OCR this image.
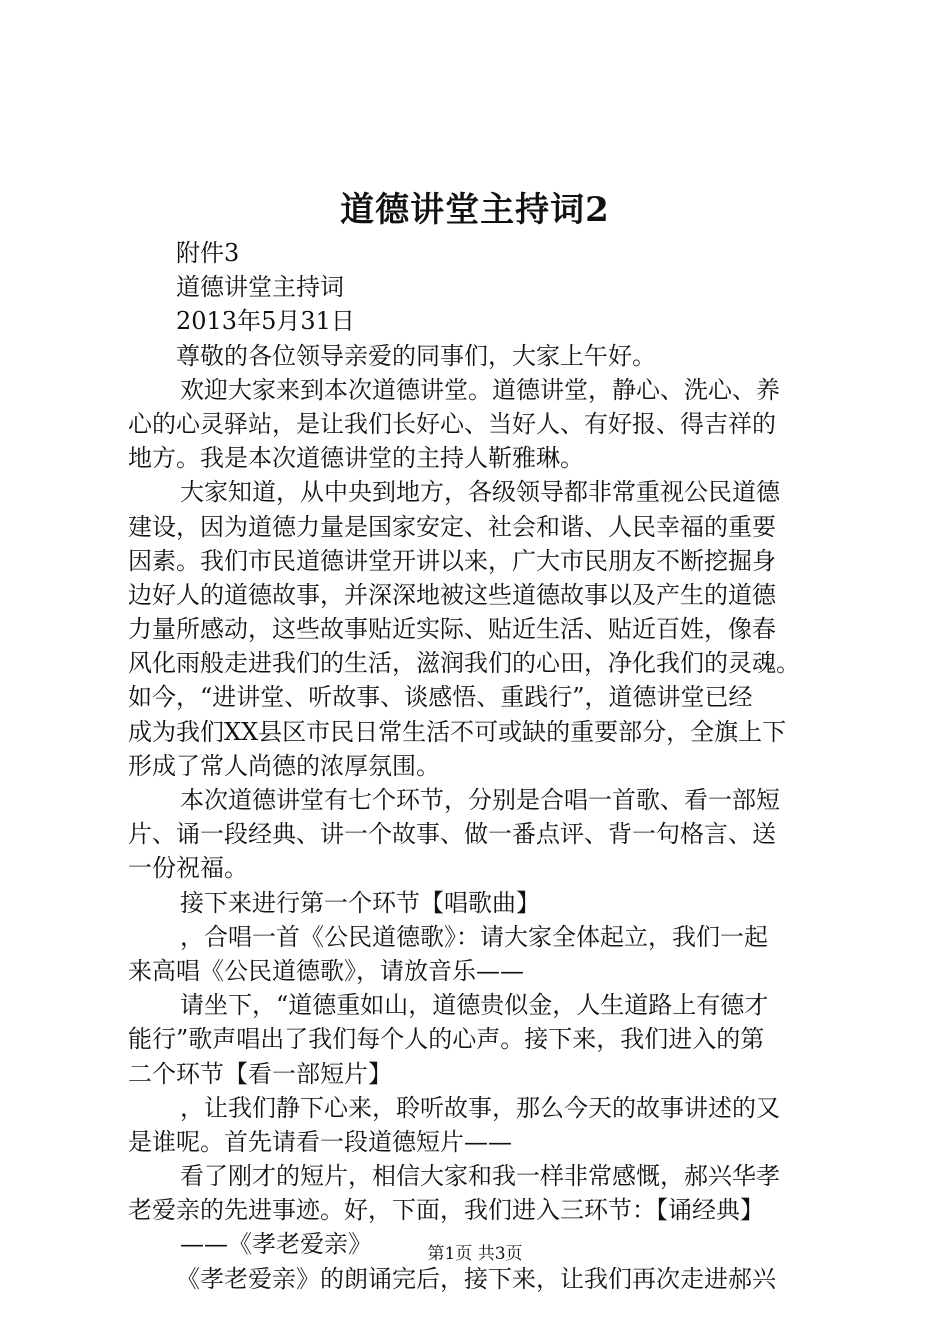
道德讲堂主持词2
附件3
道德讲堂主持词
2013年5月31日
尊敬的各位领导亲爱的同事们，大家上午好。
欢迎大家来到本次道德讲堂。道德讲堂，静心、洗心、养
心的心灵驿站，是让我们长好心、当好人、有好报、得吉祥的
地方。我是本次道德讲堂的主持人靳雅琳。
大家知道，从中央到地方，各级领导都非常重视公民道德
建设，因为道德力量是国家安定、社会和谐、人民幸福的重要
因素。我们市民道德讲堂开讲以来，广大市民朋友不断挖掘身
边好人的道德故事，并深深地被这些道德故事以及产生的道德
力量所感动，这些故事贴近实际、贴近生活、贴近百姓，像春
风化雨般走进我们的生活，滋润我们的心田，净化我们的灵魂。
如今，“进讲堂、听故事、谈感悟、重践行”，道德讲堂已经
成为我们XX县区市民日常生活不可或缺的重要部分，全旗上下
形成了常人尚德的浓厚氛围。
本次道德讲堂有七个环节，分别是合唱一首歌、看一部短
片、诵一段经典、讲一个故事、做一番点评、背一句格言、送
一份祝福。
接下来进行第一个环节【唱歌曲】
，合唱一首《公民道德歌》：请大家全体起立，我们一起
来高唱《公民道德歌》，请放音乐——
请坐下，“道德重如山，道德贵似金，人生道路上有德才
能行”歌声唱出了我们每个人的心声。接下来，我们进入的第
二个环节【看一部短片】
，让我们静下心来，聆听故事，那么今天的故事讲述的又
是谁呢。首先请看一段道德短片——
看了刚才的短片，相信大家和我一样非常感慨，郝兴华孝
老爱亲的先进事迹。好，下面，我们进入三环节：【诵经典】
——《孝老爱亲》
《孝老爱亲》的朗诵完后，接下来，让我们再次走进郝兴
第1页 共3页
